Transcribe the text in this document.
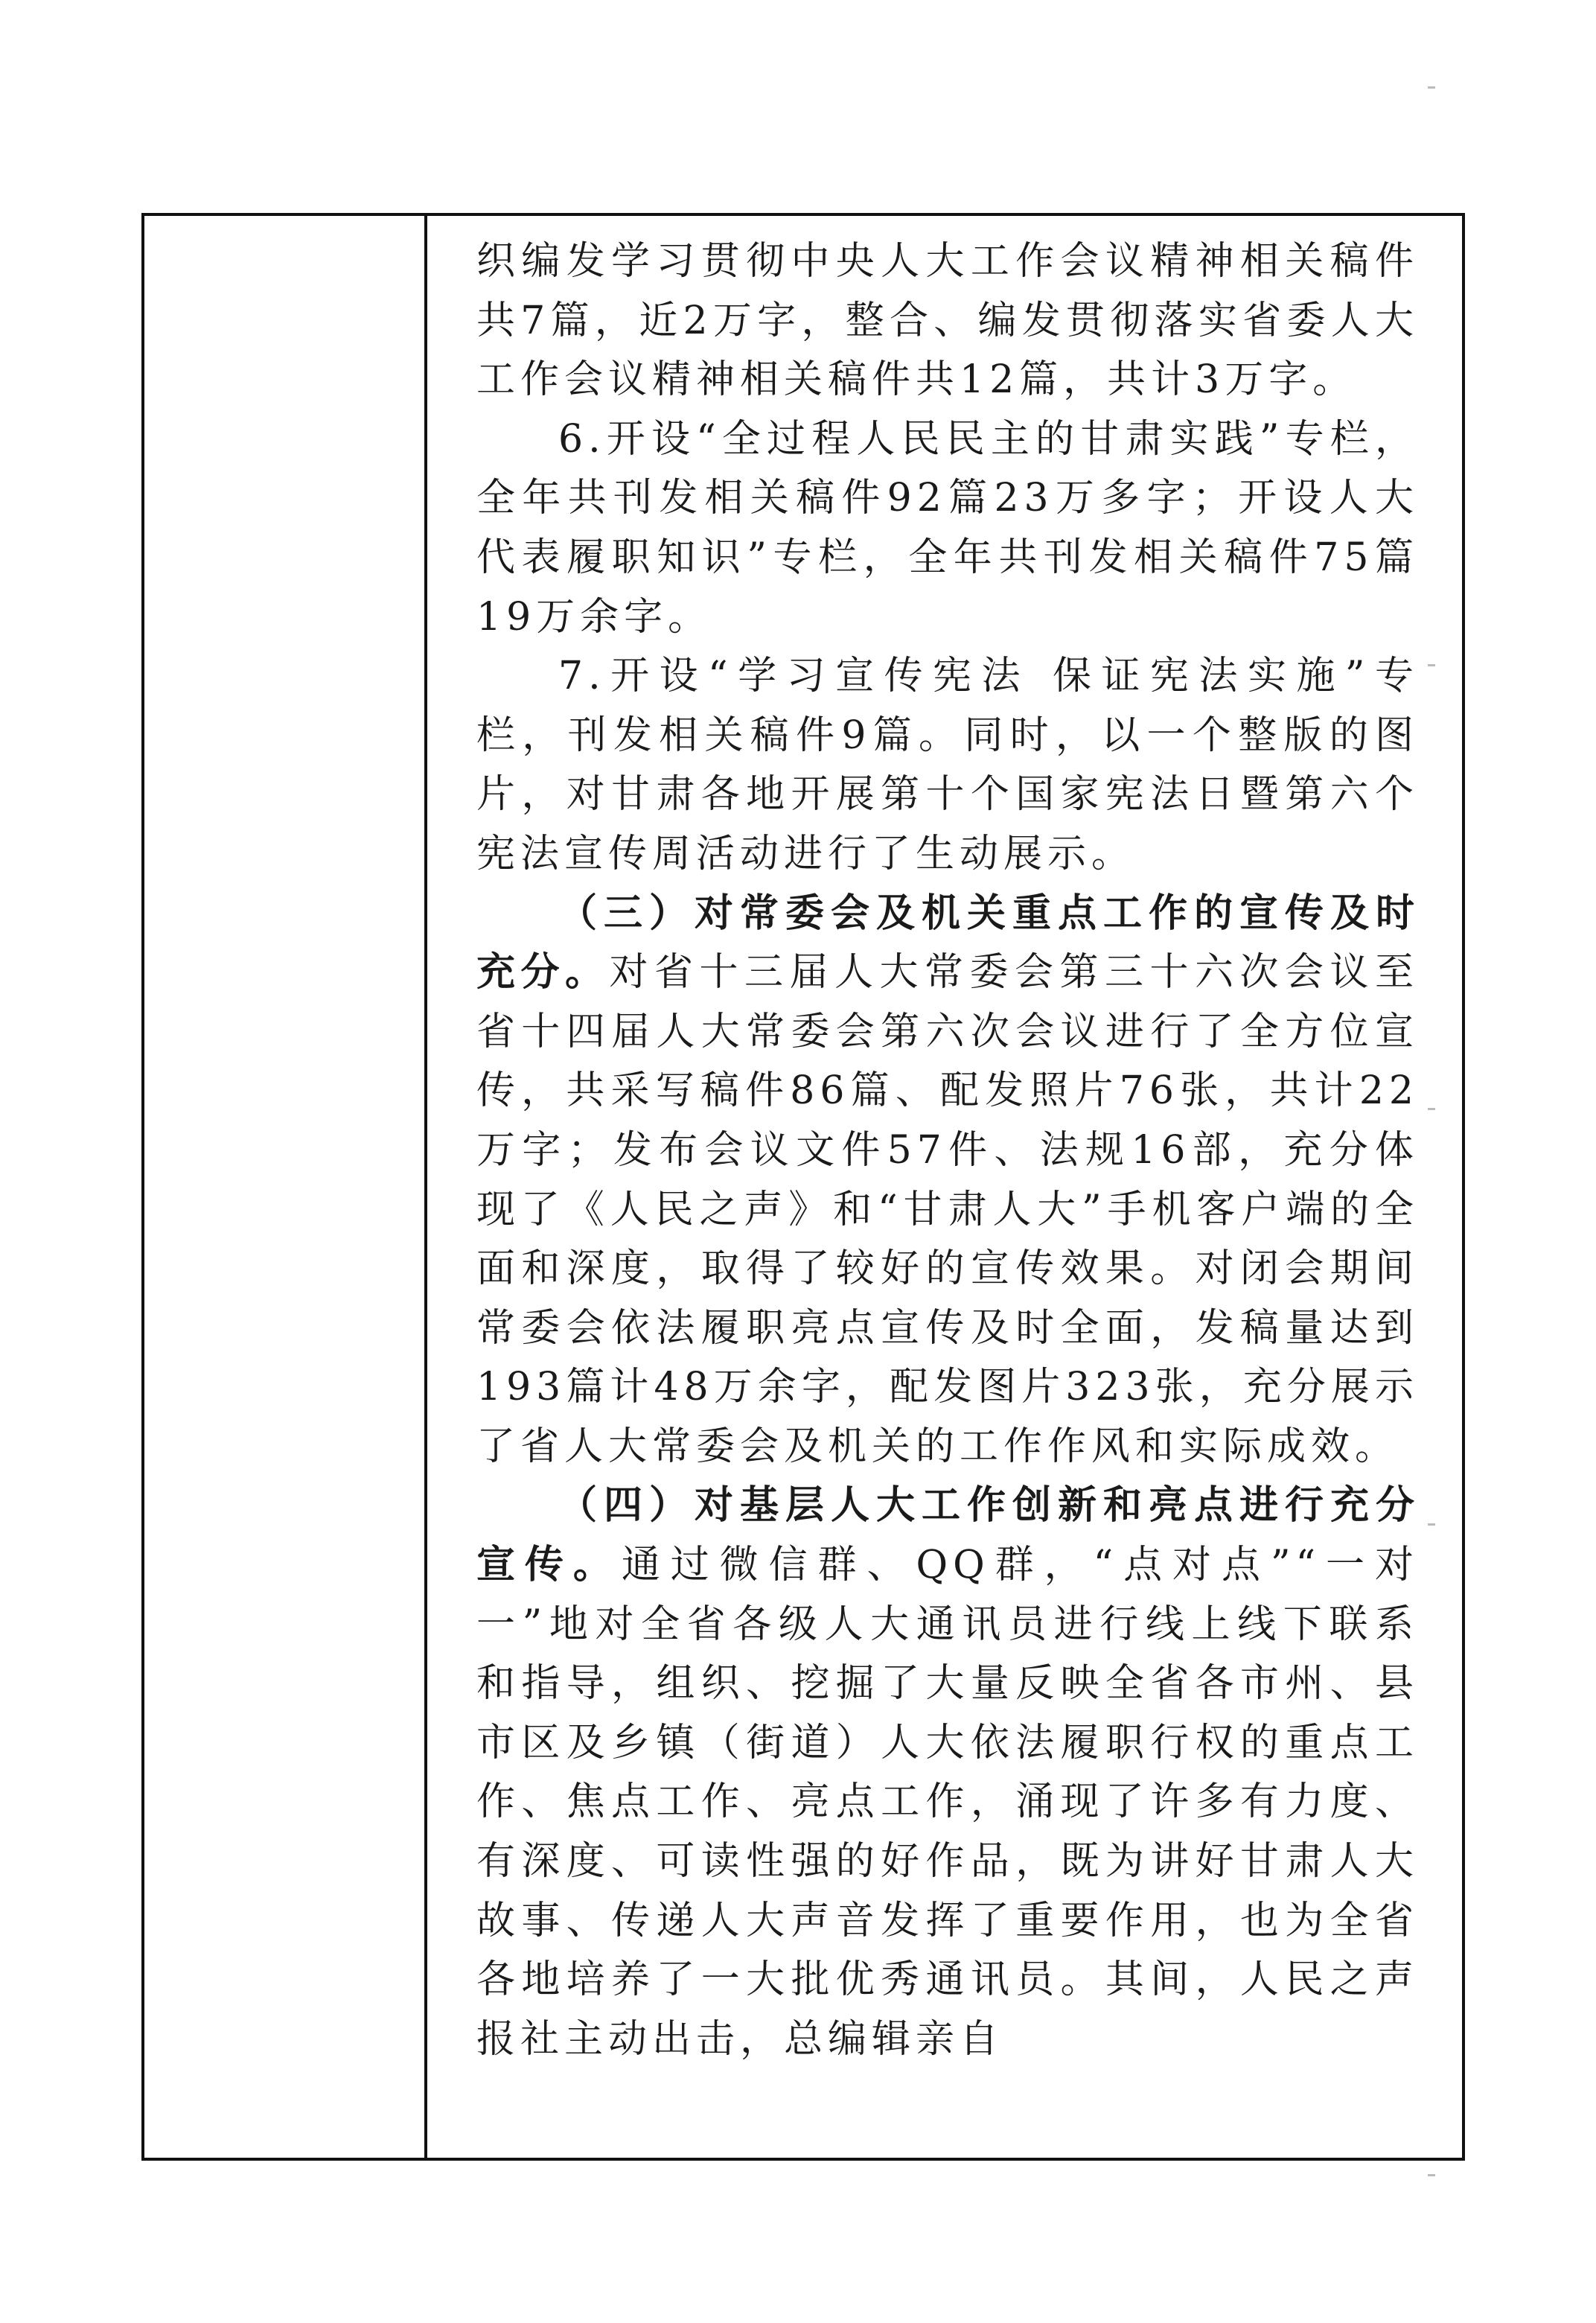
织编发学习贯彻中央人大工作会议精神相关稿件共7篇，近2万字，整合、编发贯彻落实省委人大工作会议精神相关稿件共12篇，共计3万字。

6.开设“全过程人民民主的甘肃实践”专栏，全年共刊发相关稿件92篇23万多字；开设人大代表履职知识”专栏，全年共刊发相关稿件75篇19万余字。

7.开设“学习宣传宪法 保证宪法实施”专栏，刊发相关稿件9篇。同时，以一个整版的图片，对甘肃各地开展第十个国家宪法日暨第六个宪法宣传周活动进行了生动展示。

（三）对常委会及机关重点工作的宣传及时充分。对省十三届人大常委会第三十六次会议至省十四届人大常委会第六次会议进行了全方位宣传，共采写稿件86篇、配发照片76张，共计22万字；发布会议文件57件、法规16部，充分体现了《人民之声》和“甘肃人大”手机客户端的全面和深度，取得了较好的宣传效果。对闭会期间常委会依法履职亮点宣传及时全面，发稿量达到193篇计48万余字，配发图片323张，充分展示了省人大常委会及机关的工作作风和实际成效。

（四）对基层人大工作创新和亮点进行充分宣传。通过微信群、QQ群，“点对点”“一对一”地对全省各级人大通讯员进行线上线下联系和指导，组织、挖掘了大量反映全省各市州、县市区及乡镇（街道）人大依法履职行权的重点工作、焦点工作、亮点工作，涌现了许多有力度、有深度、可读性强的好作品，既为讲好甘肃人大故事、传递人大声音发挥了重要作用，也为全省各地培养了一大批优秀通讯员。其间，人民之声报社主动出击，总编辑亲自
